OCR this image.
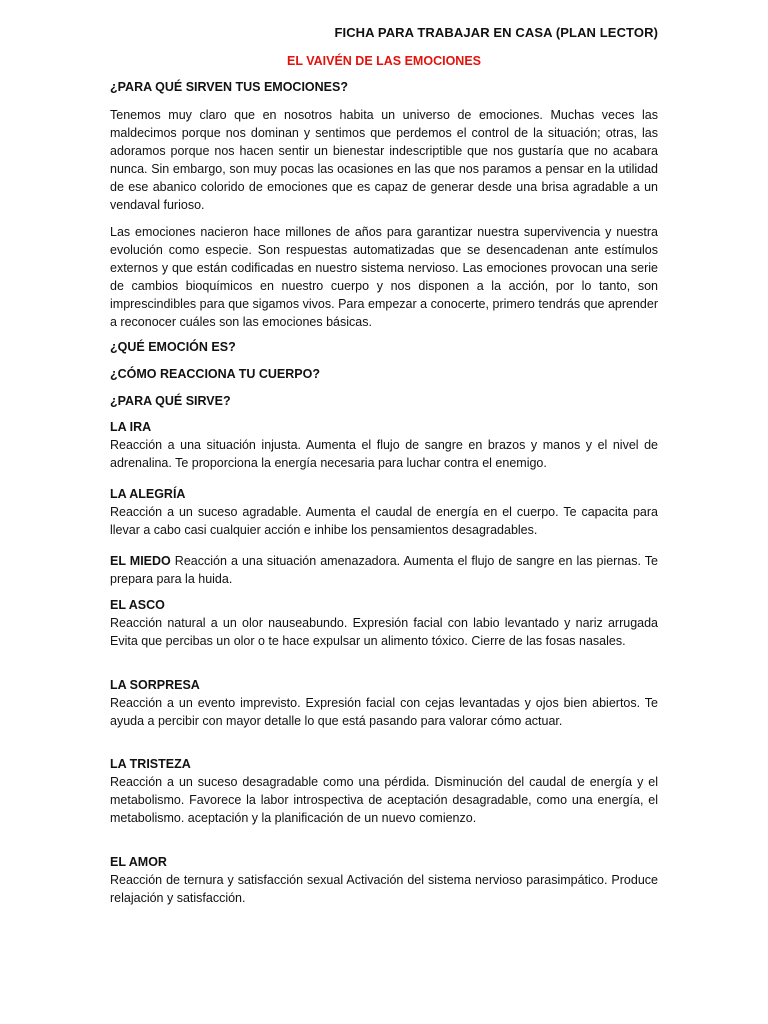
FICHA PARA TRABAJAR EN CASA (PLAN LECTOR)
EL VAIVÉN DE LAS EMOCIONES
¿PARA QUÉ SIRVEN TUS EMOCIONES?
Tenemos muy claro que en nosotros habita un universo de emociones. Muchas veces las maldecimos porque nos dominan y sentimos que perdemos el control de la situación; otras, las adoramos porque nos hacen sentir un bienestar indescriptible que nos gustaría que no acabara nunca. Sin embargo, son muy pocas las ocasiones en las que nos paramos a pensar en la utilidad de ese abanico colorido de emociones que es capaz de generar desde una brisa agradable a un vendaval furioso.
Las emociones nacieron hace millones de años para garantizar nuestra supervivencia y nuestra evolución como especie. Son respuestas automatizadas que se desencadenan ante estímulos externos y que están codificadas en nuestro sistema nervioso. Las emociones provocan una serie de cambios bioquímicos en nuestro cuerpo y nos disponen a la acción, por lo tanto, son imprescindibles para que sigamos vivos. Para empezar a conocerte, primero tendrás que aprender a reconocer cuáles son las emociones básicas.
¿QUÉ EMOCIÓN ES?
¿CÓMO REACCIONA TU CUERPO?
¿PARA QUÉ SIRVE?
LA IRA
Reacción a una situación injusta. Aumenta el flujo de sangre en brazos y manos y el nivel de adrenalina. Te proporciona la energía necesaria para luchar contra el enemigo.
LA ALEGRÍA
Reacción a un suceso agradable. Aumenta el caudal de energía en el cuerpo. Te capacita para llevar a cabo casi cualquier acción e inhibe los pensamientos desagradables.
EL MIEDO Reacción a una situación amenazadora. Aumenta el flujo de sangre en las piernas. Te prepara para la huida.
EL ASCO
Reacción natural a un olor nauseabundo. Expresión facial con labio levantado y nariz arrugada Evita que percibas un olor o te hace expulsar un alimento tóxico. Cierre de las fosas nasales.
LA SORPRESA
Reacción a un evento imprevisto. Expresión facial con cejas levantadas y ojos bien abiertos. Te ayuda a percibir con mayor detalle lo que está pasando para valorar cómo actuar.
LA TRISTEZA
Reacción a un suceso desagradable como una pérdida. Disminución del caudal de energía y el metabolismo. Favorece la labor introspectiva de aceptación desagradable, como una energía, el metabolismo. aceptación y la planificación de un nuevo comienzo.
EL AMOR
Reacción de ternura y satisfacción sexual Activación del sistema nervioso parasimpático. Produce relajación y satisfacción.
